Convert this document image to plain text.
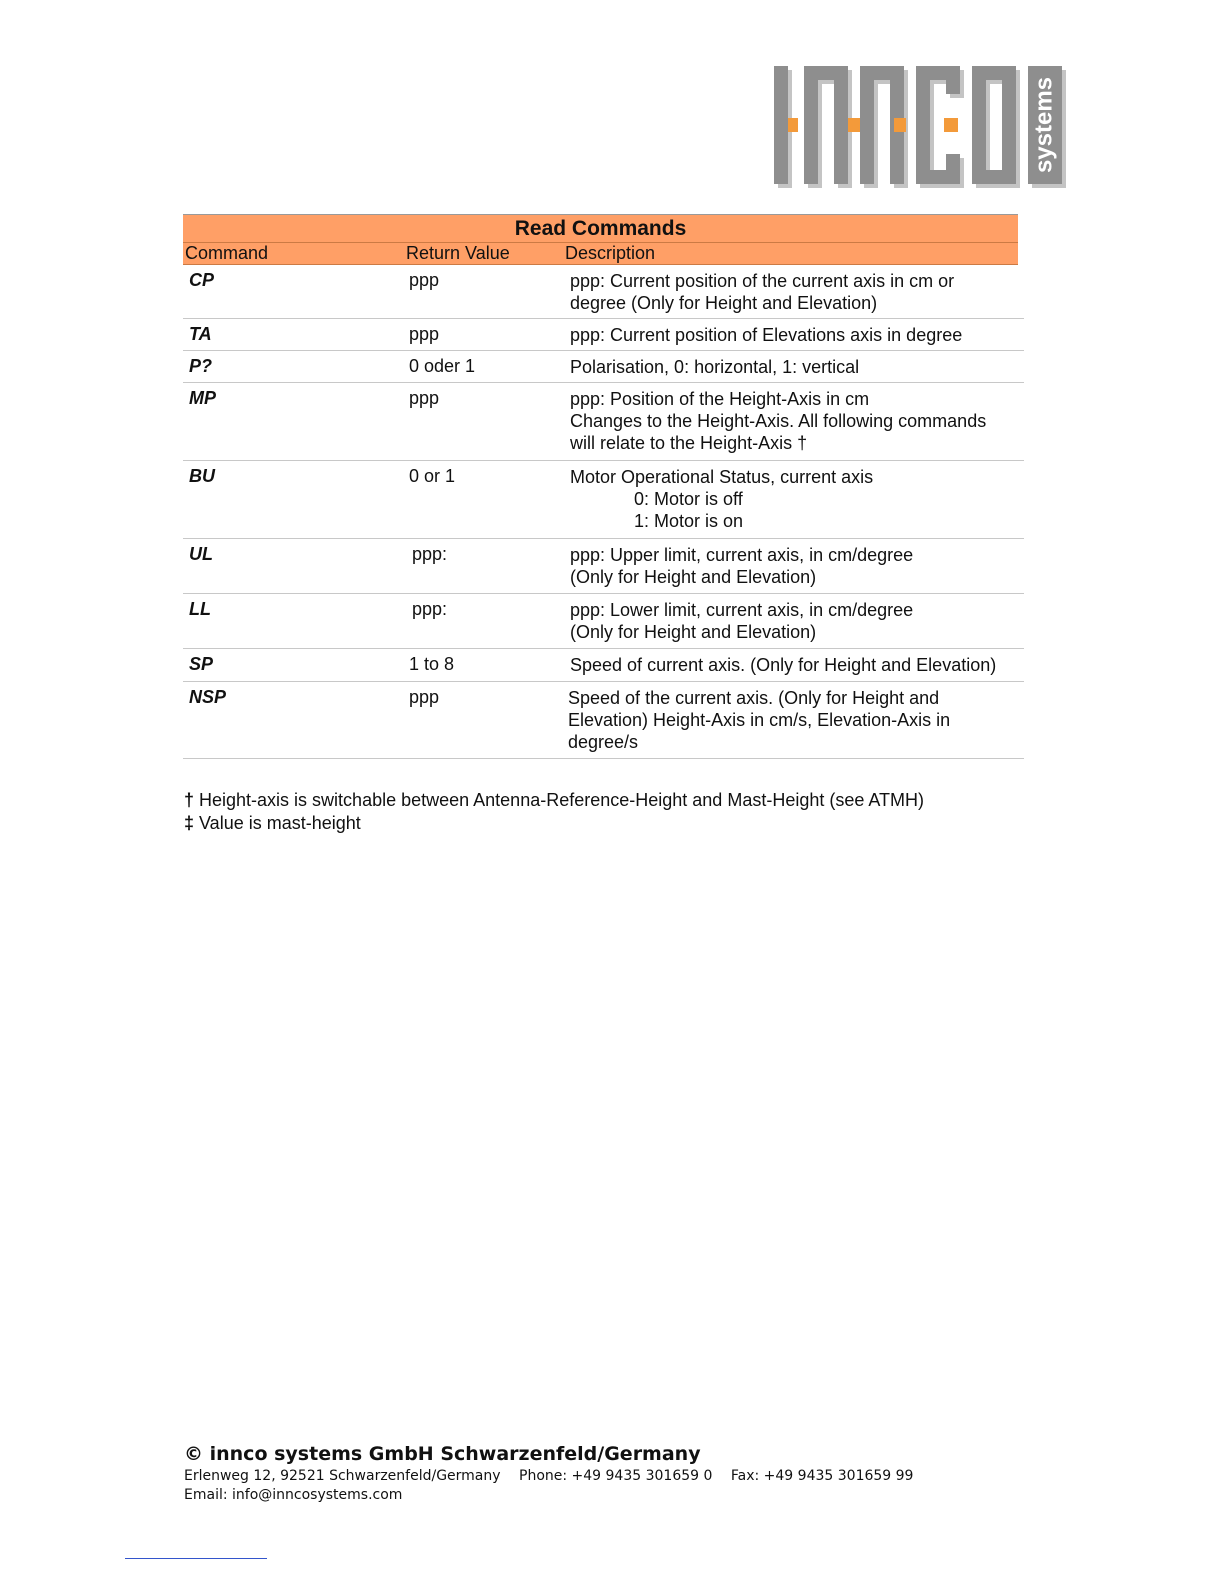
systems
Read Commands
Command	Return Value	Description
CP	ppp	ppp: Current position of the current axis in cm or
degree (Only for Height and Elevation)
TA	ppp	ppp: Current position of Elevations axis in degree
P?	0 oder 1	Polarisation, 0: horizontal, 1: vertical
MP	ppp	ppp: Position of the Height-Axis in cm
Changes to the Height-Axis. All following commands
will relate to the Height-Axis †
BU	0 or 1	Motor Operational Status, current axis
0: Motor is off
1: Motor is on
UL	ppp:	ppp: Upper limit, current axis, in cm/degree
(Only for Height and Elevation)
LL	ppp:	ppp: Lower limit, current axis, in cm/degree
(Only for Height and Elevation)
SP	1 to 8	Speed of current axis. (Only for Height and Elevation)
NSP	ppp	Speed of the current axis. (Only for Height and
Elevation) Height-Axis in cm/s, Elevation-Axis in
degree/s
† Height-axis is switchable between Antenna-Reference-Height and Mast-Height (see ATMH)
‡ Value is mast-height
© innco systems GmbH Schwarzenfeld/Germany
Erlenweg 12, 92521 Schwarzenfeld/Germany Phone: +49 9435 301659 0 Fax: +49 9435 301659 99
Email: info@inncosystems.com
